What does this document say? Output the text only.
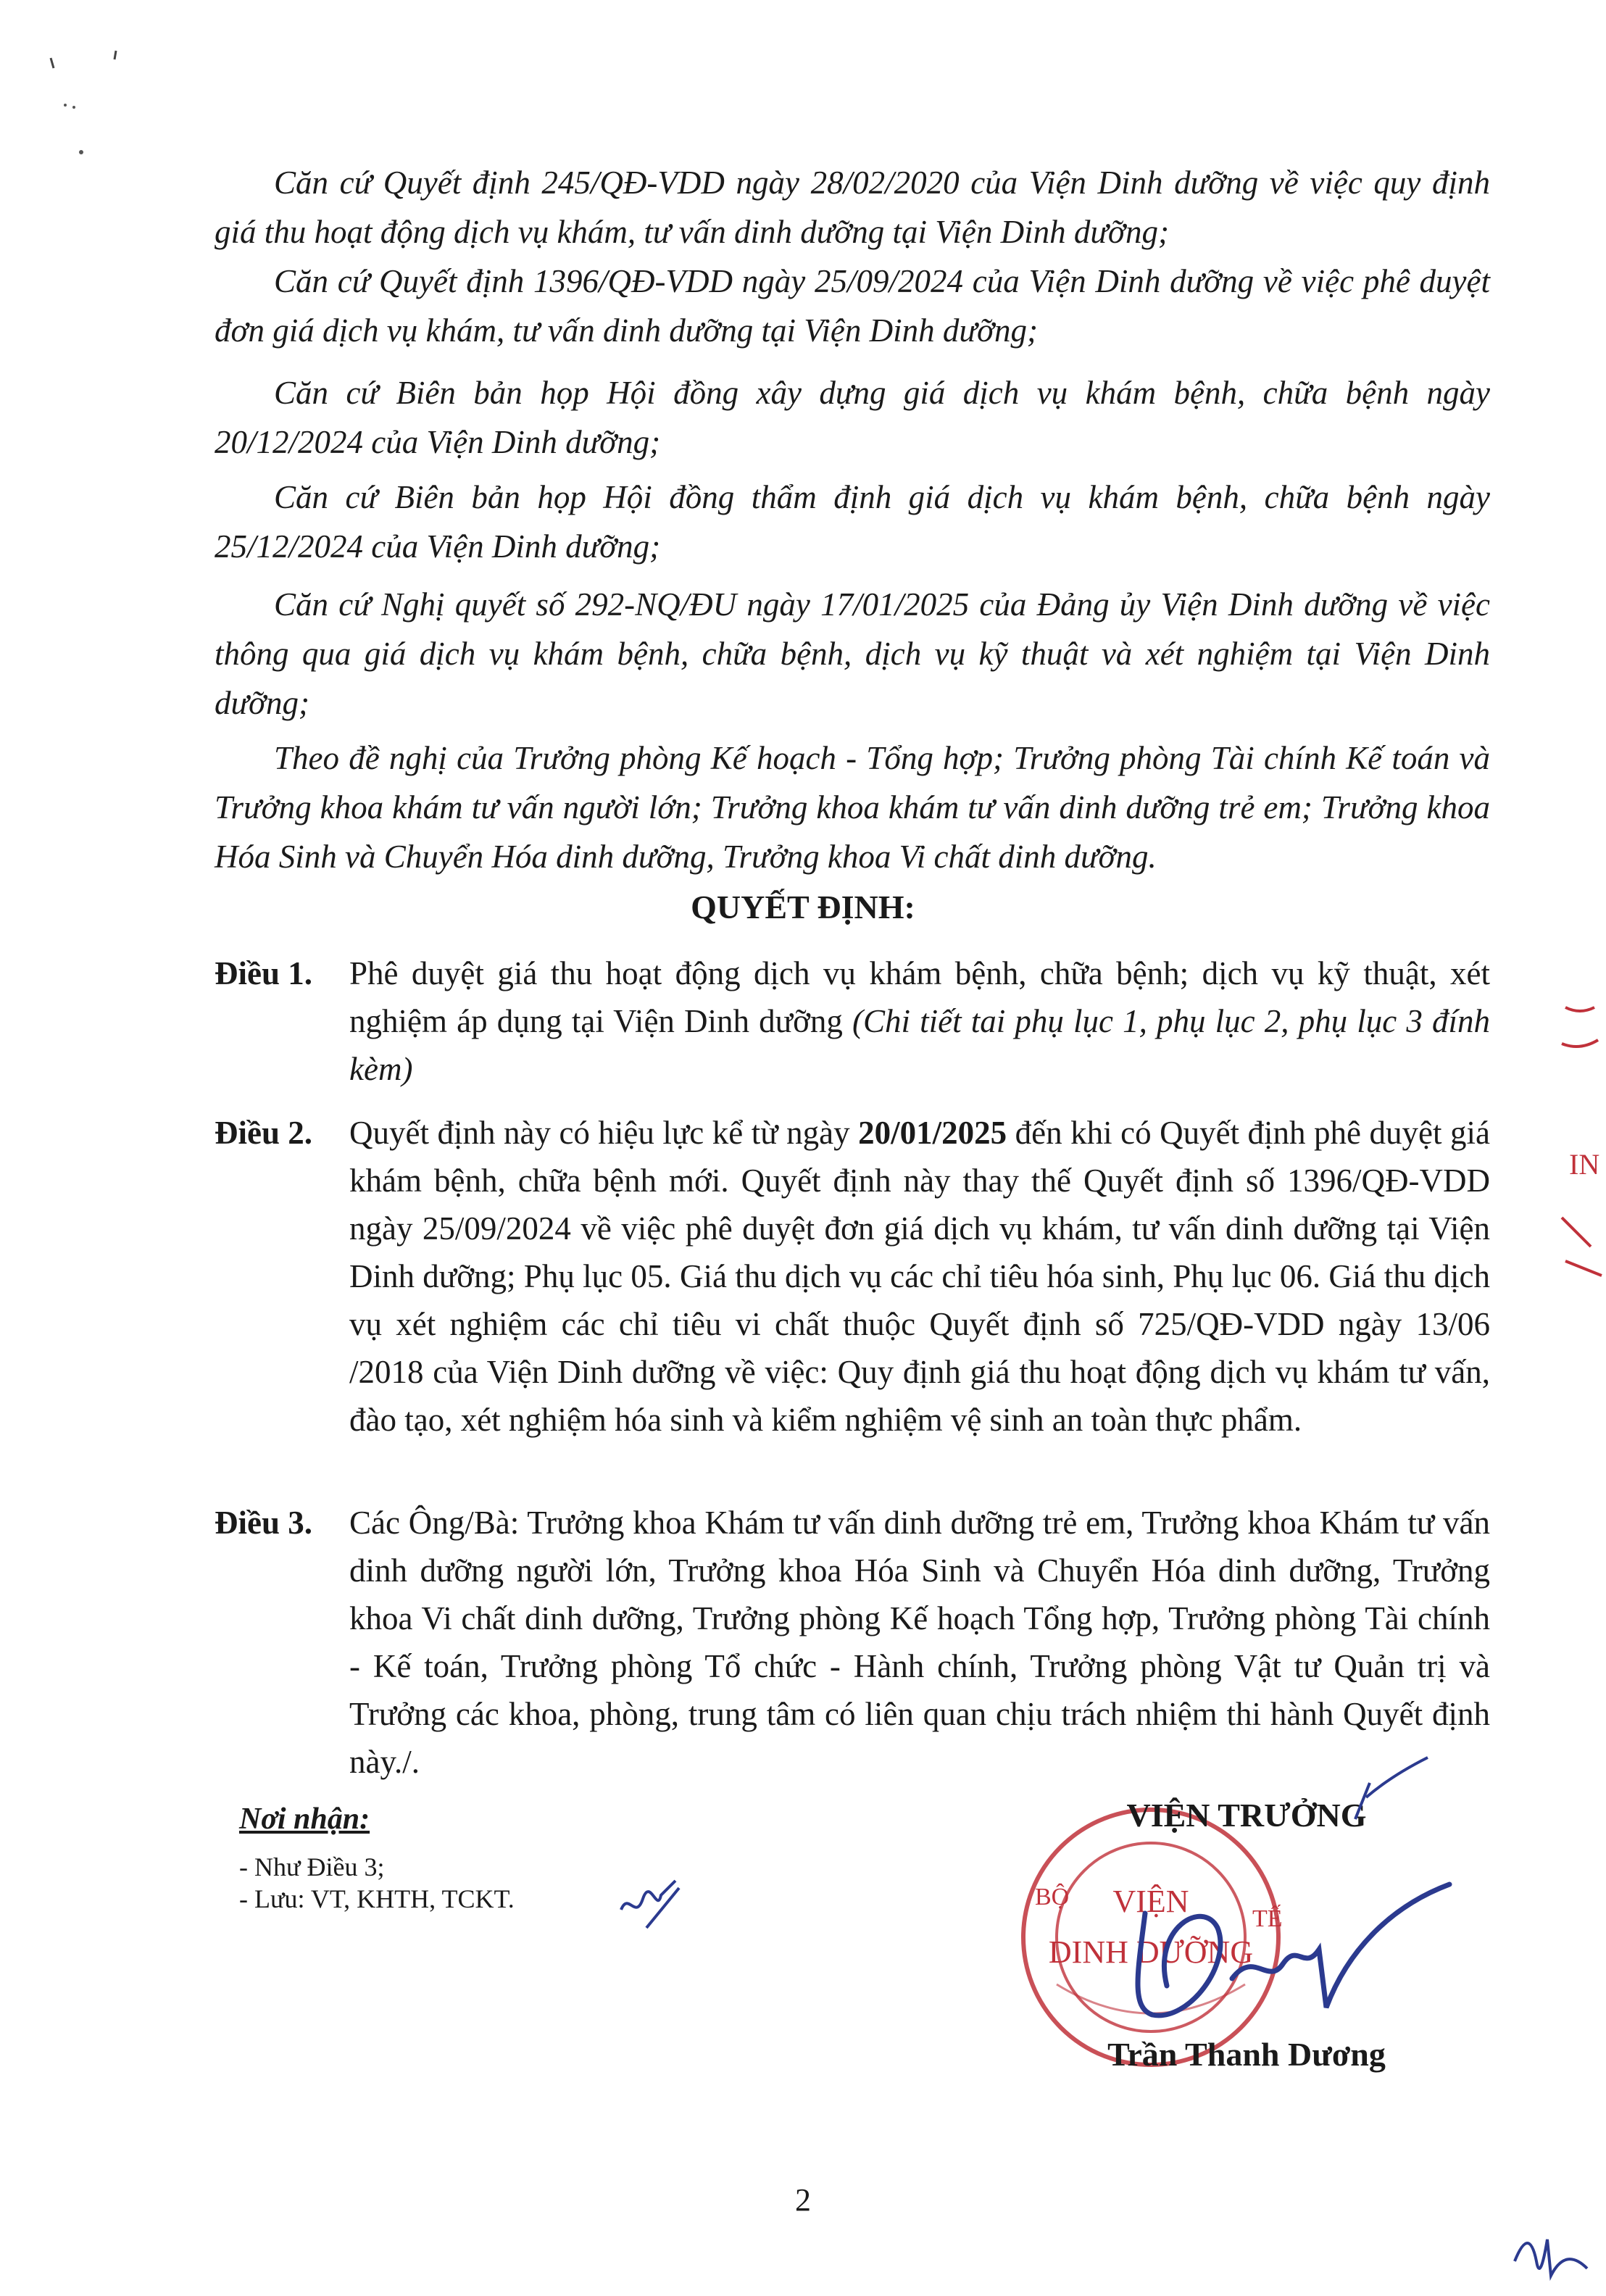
Căn cứ Quyết định 245/QĐ-VDD ngày 28/02/2020 của Viện Dinh dưỡng về việc quy định giá thu hoạt động dịch vụ khám, tư vấn dinh dưỡng tại Viện Dinh dưỡng;

Căn cứ Quyết định 1396/QĐ-VDD ngày 25/09/2024 của Viện Dinh dưỡng về việc phê duyệt đơn giá dịch vụ khám, tư vấn dinh dưỡng tại Viện Dinh dưỡng;

Căn cứ Biên bản họp Hội đồng xây dựng giá dịch vụ khám bệnh, chữa bệnh ngày 20/12/2024 của Viện Dinh dưỡng;

Căn cứ Biên bản họp Hội đồng thẩm định giá dịch vụ khám bệnh, chữa bệnh ngày 25/12/2024 của Viện Dinh dưỡng;

Căn cứ Nghị quyết số 292-NQ/ĐU ngày 17/01/2025 của Đảng ủy Viện Dinh dưỡng về việc thông qua giá dịch vụ khám bệnh, chữa bệnh, dịch vụ kỹ thuật và xét nghiệm tại Viện Dinh dưỡng;

Theo đề nghị của Trưởng phòng Kế hoạch - Tổng hợp; Trưởng phòng Tài chính Kế toán và Trưởng khoa khám tư vấn người lớn; Trưởng khoa khám tư vấn dinh dưỡng trẻ em; Trưởng khoa Hóa Sinh và Chuyển Hóa dinh dưỡng, Trưởng khoa Vi chất dinh dưỡng.

QUYẾT ĐỊNH:

Điều 1. Phê duyệt giá thu hoạt động dịch vụ khám bệnh, chữa bệnh; dịch vụ kỹ thuật, xét nghiệm áp dụng tại Viện Dinh dưỡng (Chi tiết tai phụ lục 1, phụ lục 2, phụ lục 3 đính kèm)
Điều 2. Quyết định này có hiệu lực kể từ ngày 20/01/2025 đến khi có Quyết định phê duyệt giá khám bệnh, chữa bệnh mới. Quyết định này thay thế Quyết định số 1396/QĐ-VDD ngày 25/09/2024 về việc phê duyệt đơn giá dịch vụ khám, tư vấn dinh dưỡng tại Viện Dinh dưỡng; Phụ lục 05. Giá thu dịch vụ các chỉ tiêu hóa sinh, Phụ lục 06. Giá thu dịch vụ xét nghiệm các chỉ tiêu vi chất thuộc Quyết định số 725/QĐ-VDD ngày 13/06 /2018 của Viện Dinh dưỡng về việc: Quy định giá thu hoạt động dịch vụ khám tư vấn, đào tạo, xét nghiệm hóa sinh và kiểm nghiệm vệ sinh an toàn thực phẩm.
Điều 3. Các Ông/Bà: Trưởng khoa Khám tư vấn dinh dưỡng trẻ em, Trưởng khoa Khám tư vấn dinh dưỡng người lớn, Trưởng khoa Hóa Sinh và Chuyển Hóa dinh dưỡng, Trưởng khoa Vi chất dinh dưỡng, Trưởng phòng Kế hoạch Tổng hợp, Trưởng phòng Tài chính - Kế toán, Trưởng phòng Tổ chức - Hành chính, Trưởng phòng Vật tư Quản trị và Trưởng các khoa, phòng, trung tâm có liên quan chịu trách nhiệm thi hành Quyết định này./.
Nơi nhận:
- Như Điều 3;
- Lưu: VT, KHTH, TCKT.	BỘ
TẾ
VIỆN
DINH DƯỠNG

VIỆN TRƯỞNG

Trần Thanh Dương
IN
2
